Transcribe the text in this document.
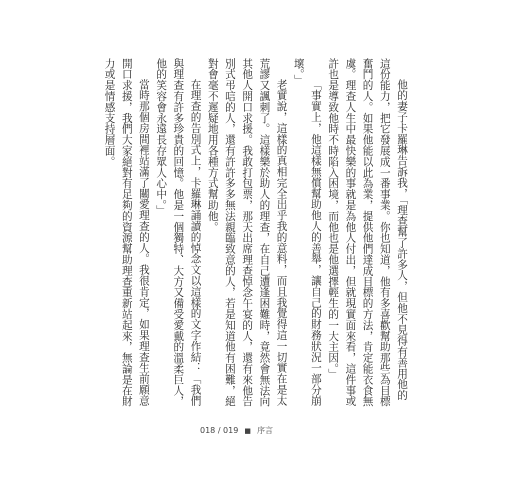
他的妻子卡羅琳告訴我，「理查幫了許多人，但他不見得有善用他的這份能力，把它發展成一番事業。你也知道，他有多喜歡幫助那些為目標奮鬥的人。如果他能以此為業，提供他們達成目標的方法，肯定能衣食無虞。理查人生中最快樂的事就是為他人付出，但就現實面來看，這件事或許也是導致他時不時陷入困境，而他也是他選擇輕生的一大主因。」

「事實上，他這樣無償幫助他人的善舉，讓自己的財務狀況一部分崩壞。」

老實說，這樣的真相完全出乎我的意料，而且我覺得這一切實在是太荒謬又諷刺了。這樣樂於助人的理查，在自己遭逢困難時，竟然會無法向其他人開口求援。我敢打包票，那天出席理查悼念午宴的人，還有來他告別式弔唁的人，還有許許多多無法親臨致意的人，若是知道他有困難，絕對會毫不遲疑地用各種方式幫助他。

在理查的告別式上，卡羅琳誦讀的悼念文以這樣的文字作結：「我們與理查有許多珍貴的回憶。他是一個獨特、大方又備受愛戴的溫柔巨人，他的笑容會永遠長存眾人心中。」

當時那個房間裡站滿了關愛理查的人。我很肯定，如果理查生前願意開口求援，我們大家絕對有足夠的資源幫助理查重新站起來，無論是在財力或是情感支持層面。

018 / 019 ■ 序言
